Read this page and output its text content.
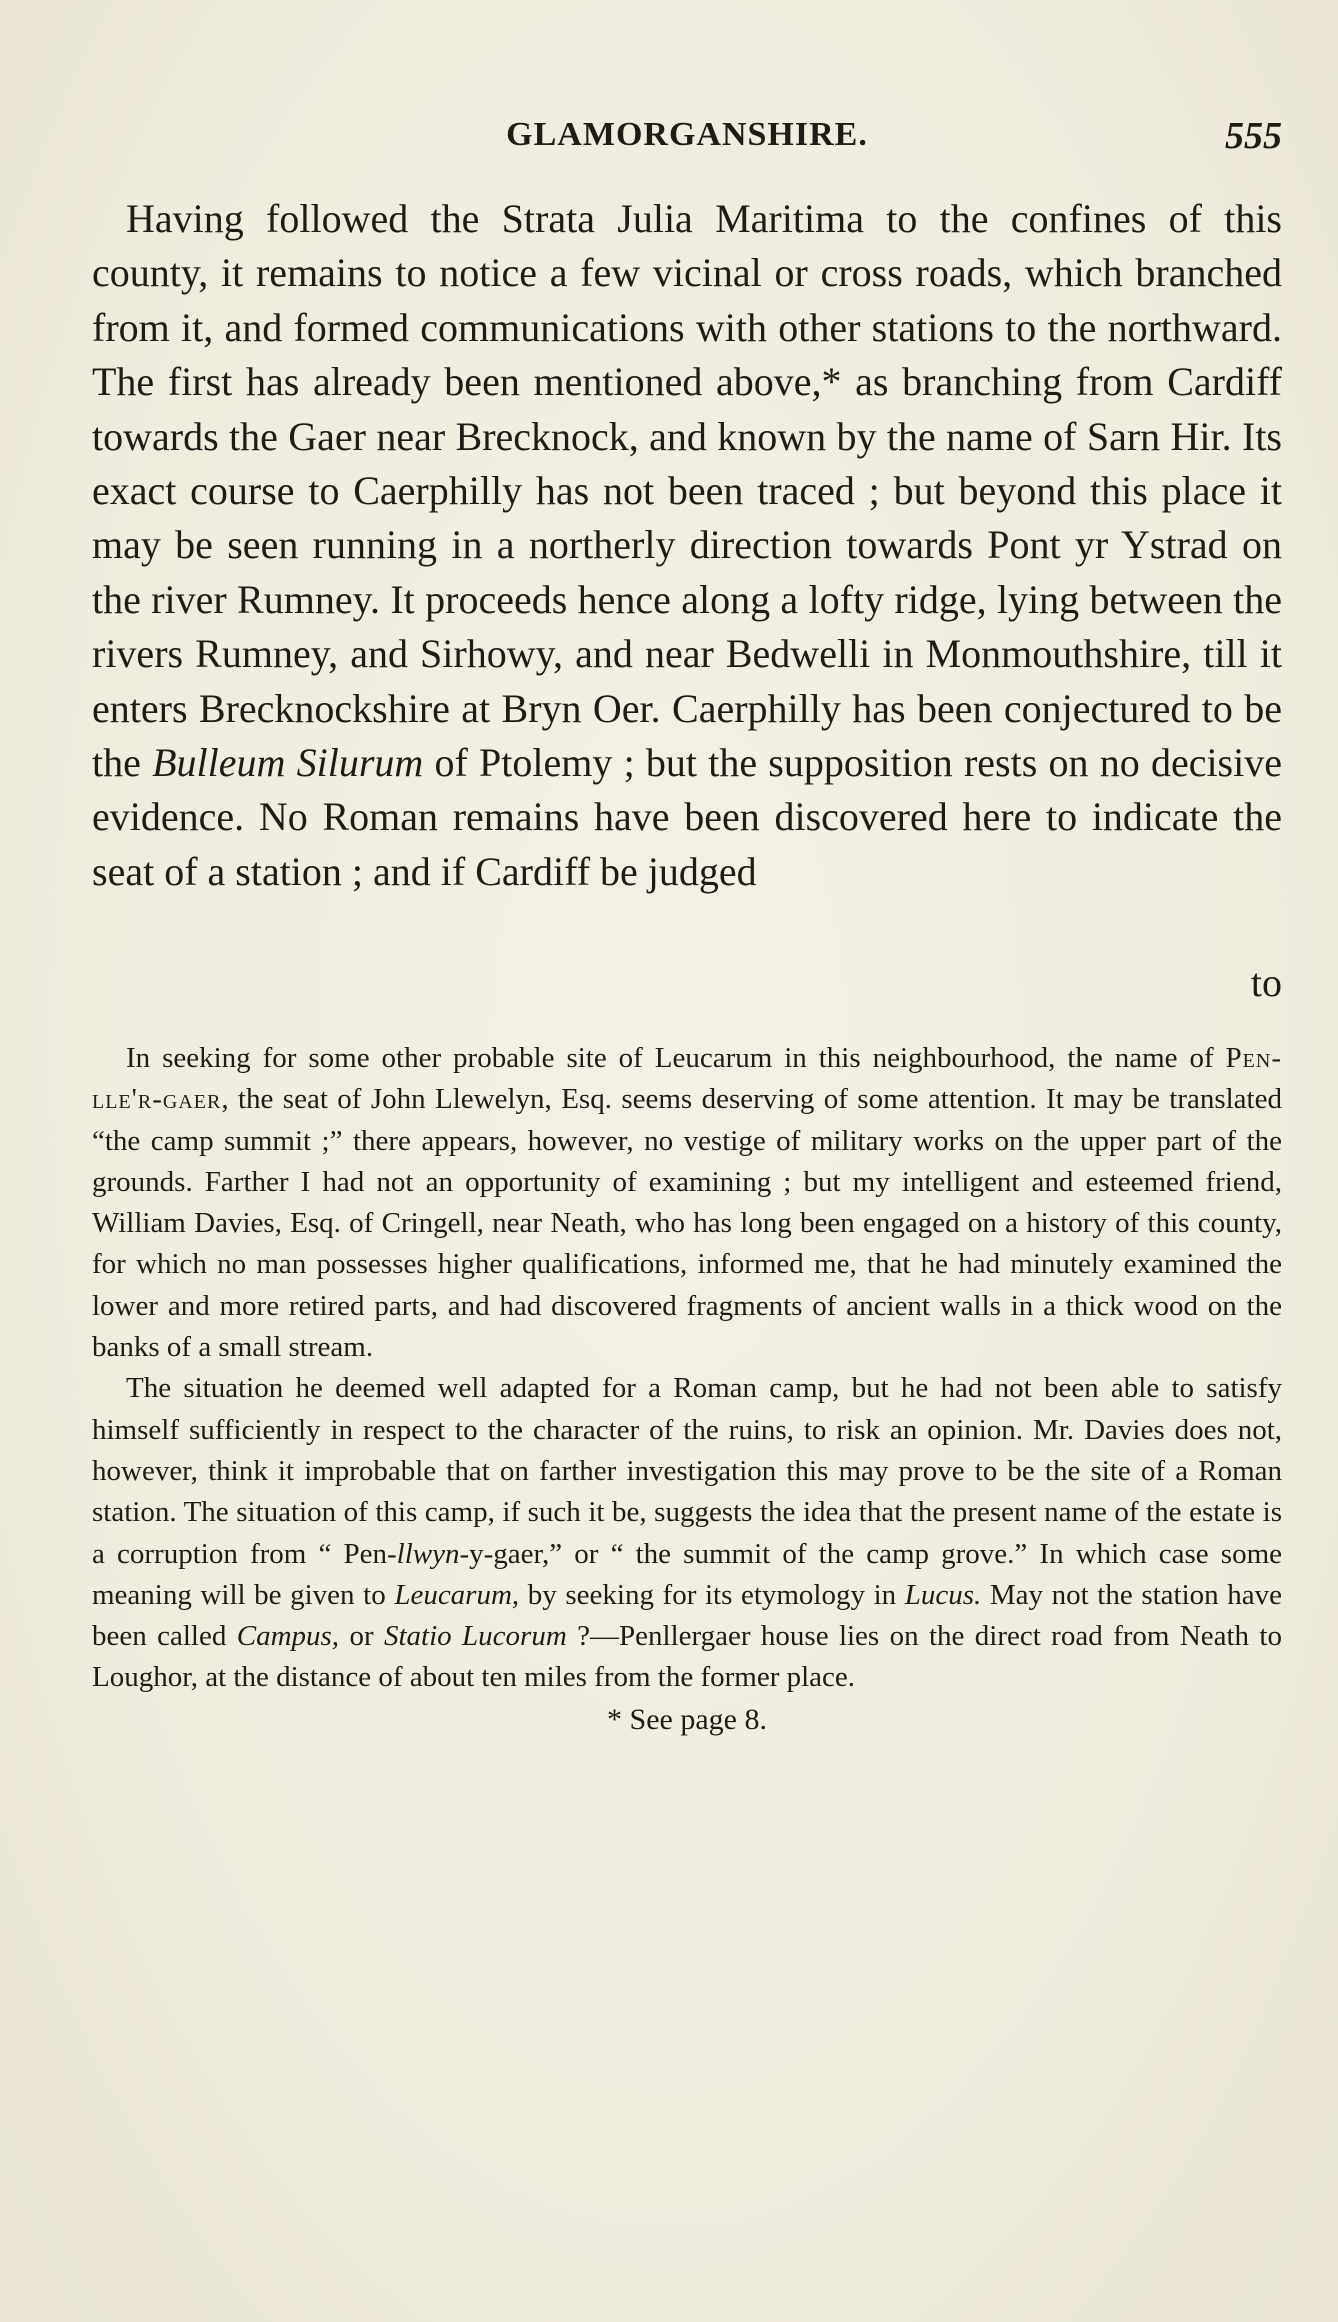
GLAMORGANSHIRE.	555

Having followed the Strata Julia Maritima to the confines of this county, it remains to notice a few vicinal or cross roads, which branched from it, and formed communications with other stations to the northward. The first has already been mentioned above,* as branching from Cardiff towards the Gaer near Brecknock, and known by the name of Sarn Hir. Its exact course to Caerphilly has not been traced ; but beyond this place it may be seen running in a northerly direction towards Pont yr Ystrad on the river Rumney. It proceeds hence along a lofty ridge, lying between the rivers Rumney, and Sirhowy, and near Bedwelli in Monmouthshire, till it enters Brecknockshire at Bryn Oer. Caerphilly has been conjectured to be the Bulleum Silurum of Ptolemy ; but the supposition rests on no decisive evidence. No Roman remains have been discovered here to indicate the seat of a station ; and if Cardiff be judged

to

In seeking for some other probable site of Leucarum in this neighbourhood, the name of Pen-lle'r-gaer, the seat of John Llewelyn, Esq. seems deserving of some attention. It may be translated “the camp summit ;” there appears, however, no vestige of military works on the upper part of the grounds. Farther I had not an opportunity of examining ; but my intelligent and esteemed friend, William Davies, Esq. of Cringell, near Neath, who has long been engaged on a history of this county, for which no man possesses higher qualifications, informed me, that he had minutely examined the lower and more retired parts, and had discovered fragments of ancient walls in a thick wood on the banks of a small stream.

The situation he deemed well adapted for a Roman camp, but he had not been able to satisfy himself sufficiently in respect to the character of the ruins, to risk an opinion. Mr. Davies does not, however, think it improbable that on farther investigation this may prove to be the site of a Roman station. The situation of this camp, if such it be, suggests the idea that the present name of the estate is a corruption from “ Pen-llwyn-y-gaer,” or “ the summit of the camp grove.” In which case some meaning will be given to Leucarum, by seeking for its etymology in Lucus. May not the station have been called Campus, or Statio Lucorum ?—Penllergaer house lies on the direct road from Neath to Loughor, at the distance of about ten miles from the former place.

* See page 8.
